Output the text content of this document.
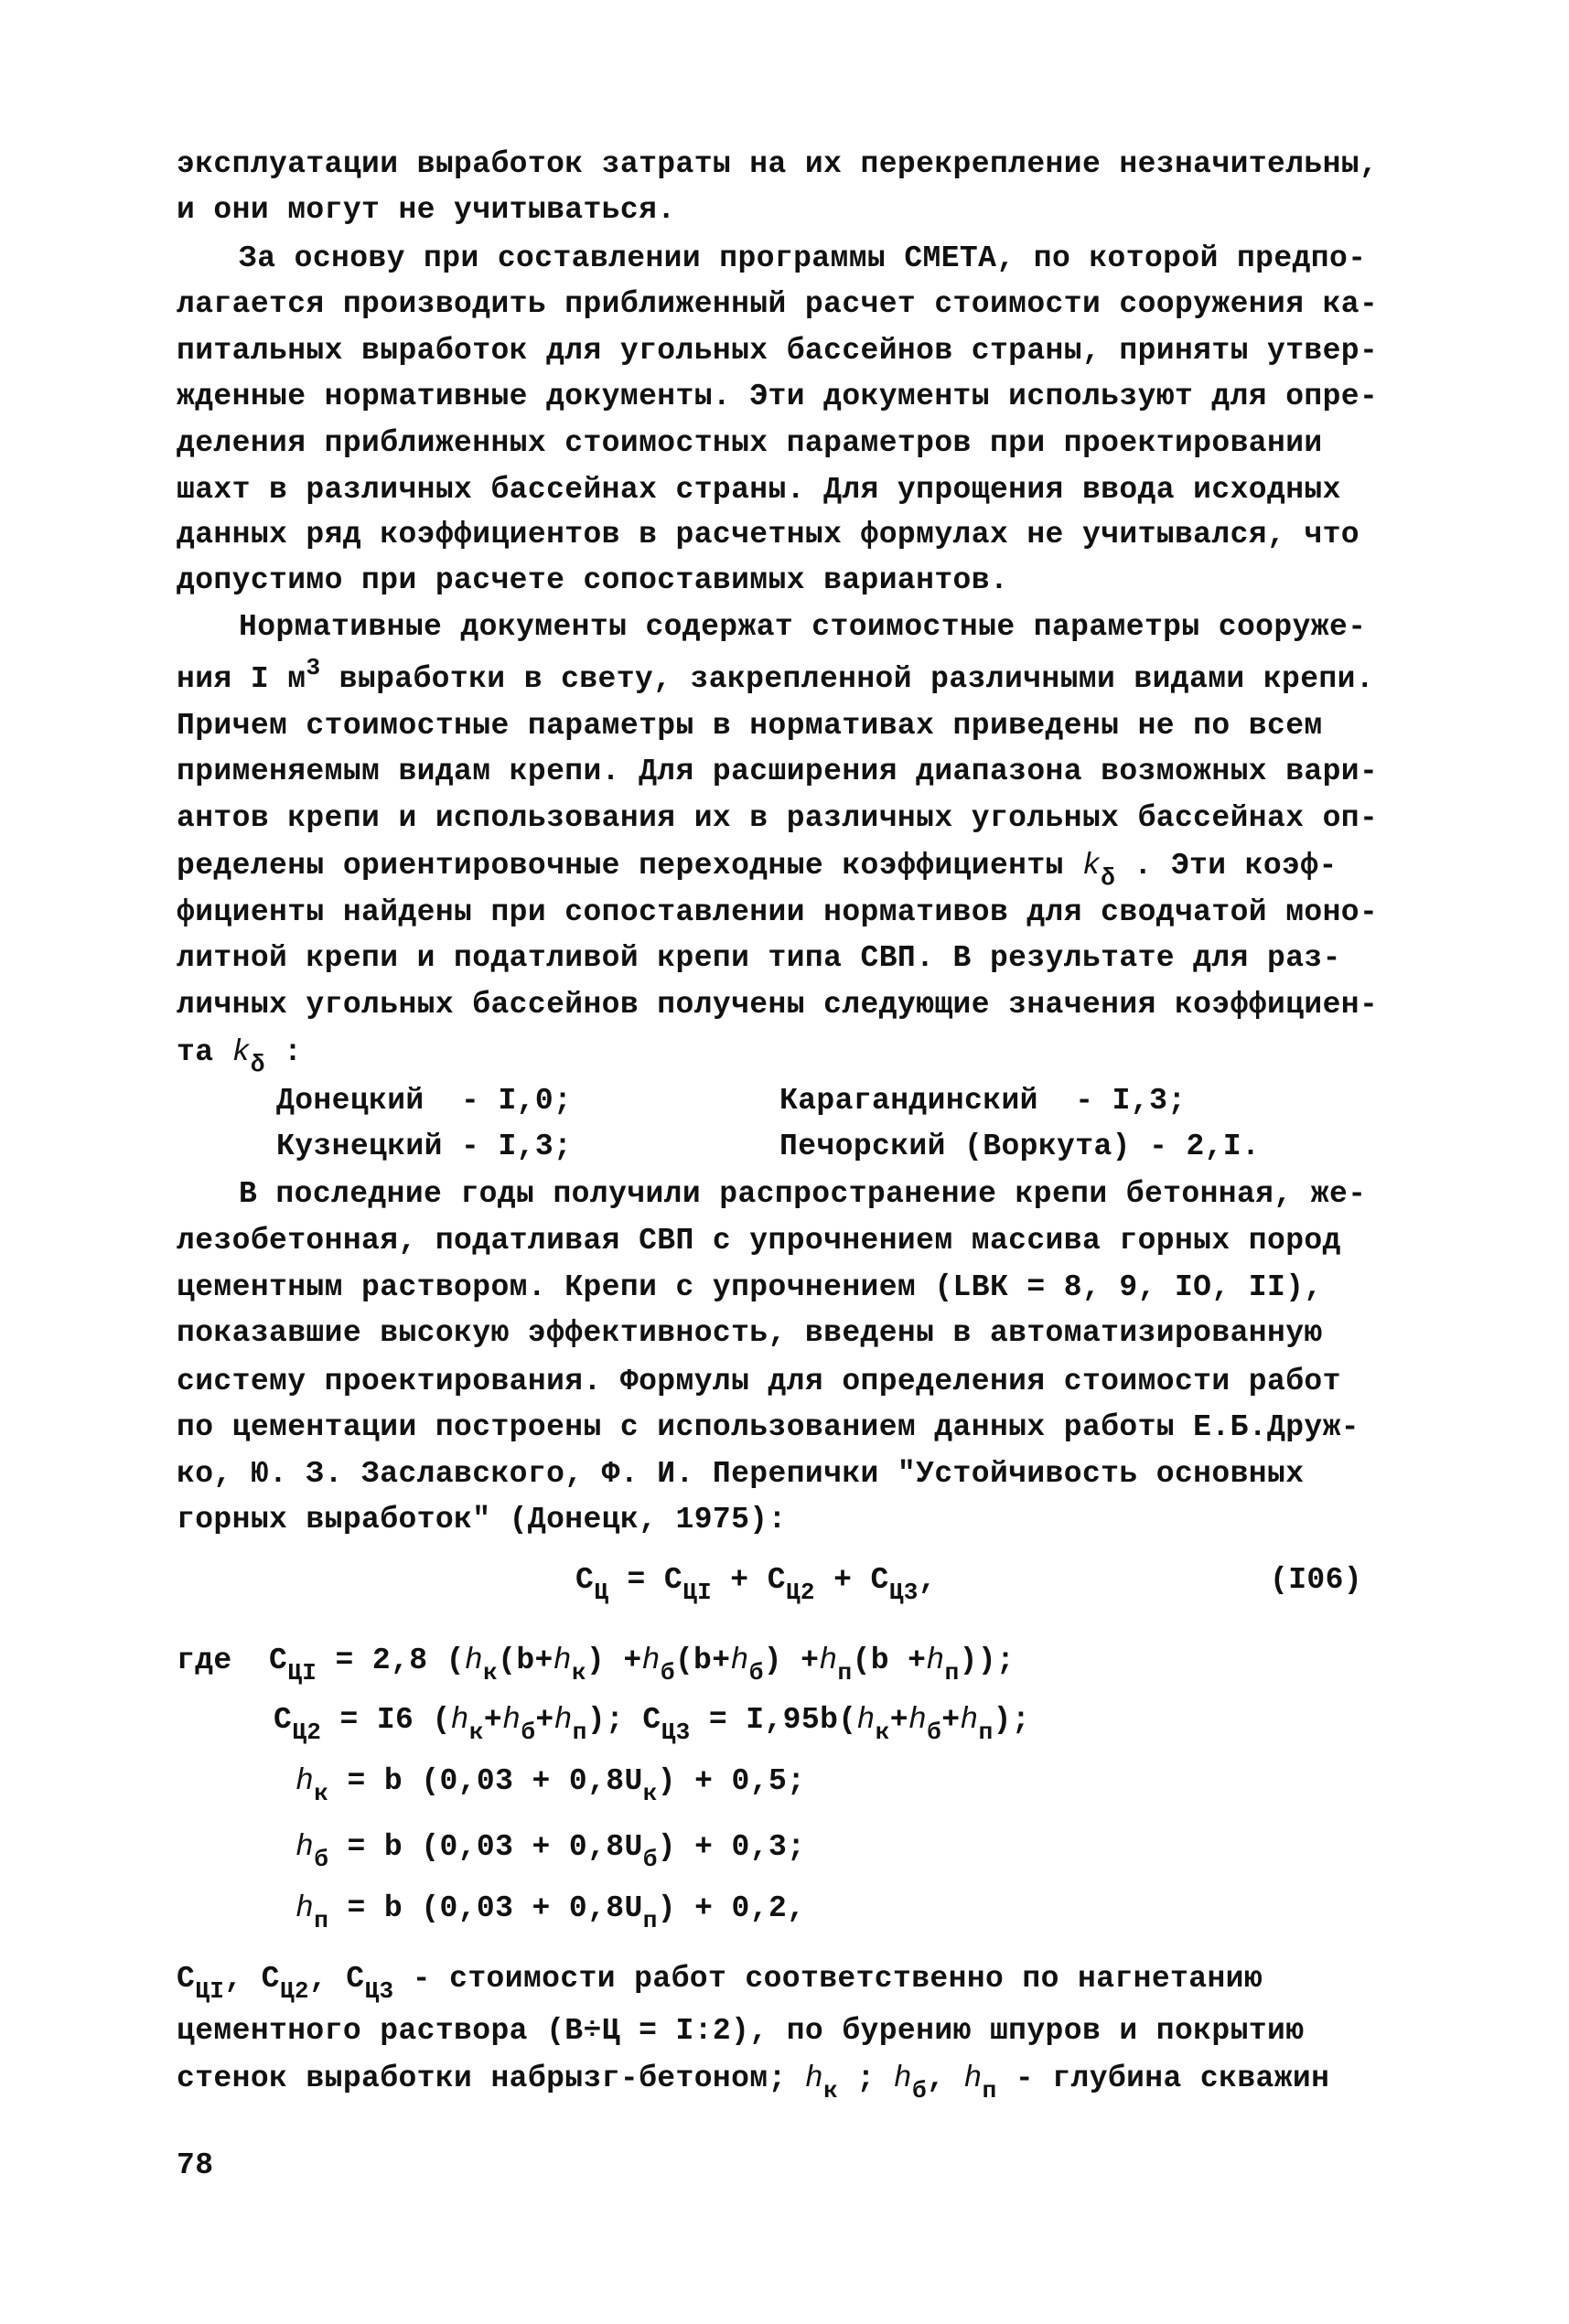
эксплуатации выработок затраты на их перекрепление незначительны,
и они могут не учитываться.
За основу при составлении программы СМЕТА, по которой предпо-
лагается производить приближенный расчет стоимости сооружения ка-
питальных выработок для угольных бассейнов страны, приняты утвер-
жденные нормативные документы. Эти документы используют для опре-
деления приближенных стоимостных параметров при проектировании
шахт в различных бассейнах страны. Для упрощения ввода исходных
данных ряд коэффициентов в расчетных формулах не учитывался, что
допустимо при расчете сопоставимых вариантов.
Нормативные документы содержат стоимостные параметры сооруже-
ния I $м^3$ выработки в свету, закрепленной различными видами крепи.
Причем стоимостные параметры в нормативах приведены не по всем
применяемым видам крепи. Для расширения диапазона возможных вари-
антов крепи и использования их в различных угольных бассейнах оп-
ределены ориентировочные переходные коэффициенты $k_\delta$ . Эти коэф-
фициенты найдены при сопоставлении нормативов для сводчатой моно-
литной крепи и податливой крепи типа СВП. В результате для раз-
личных угольных бассейнов получены следующие значения коэффициен-
та $k_\delta$ :
Донецкий  - I,0;	Карагандинский  - I,3;
Кузнецкий - I,3;	Печорский (Воркута) - 2,I.
В последние годы получили распространение крепи бетонная, же-
лезобетонная, податливая СВП с упрочнением массива горных пород
цементным раствором. Крепи с упрочнением (LВК = 8, 9, IO, II),
показавшие высокую эффективность, введены в автоматизированную
систему проектирования. Формулы для определения стоимости работ
по цементации построены с использованием данных работы Е.Б.Друж-
ко, Ю. З. Заславского, Ф. И. Перепички "Устойчивость основных
горных выработок" (Донецк, 1975):
$C_Ц = C_{ЦI} + C_{Ц2} + C_{Ц3}$,	(I06)
где  $C_{ЦI} = 2,8$ $(h_к(b+h_к) +h_б(b+h_б) +h_п(b +h_п))$;
$C_{Ц2} = I6$ $(h_к+h_б+h_п)$; $C_{Ц3} = I,95b(h_к+h_б+h_п)$;
$h_к = b$ $(0,03 + 0,8U_к) + 0,5$;
$h_б = b$ $(0,03 + 0,8U_б) + 0,3$;
$h_п = b$ $(0,03 + 0,8U_п) + 0,2$,
$C_{ЦI}$, $C_{Ц2}$, $C_{Ц3}$ - стоимости работ соответственно по нагнетанию
цементного раствора (В÷Ц = I:2), по бурению шпуров и покрытию
стенок выработки набрызг-бетоном; $h_к$ ; $h_б$, $h_п$ - глубина скважин
78
